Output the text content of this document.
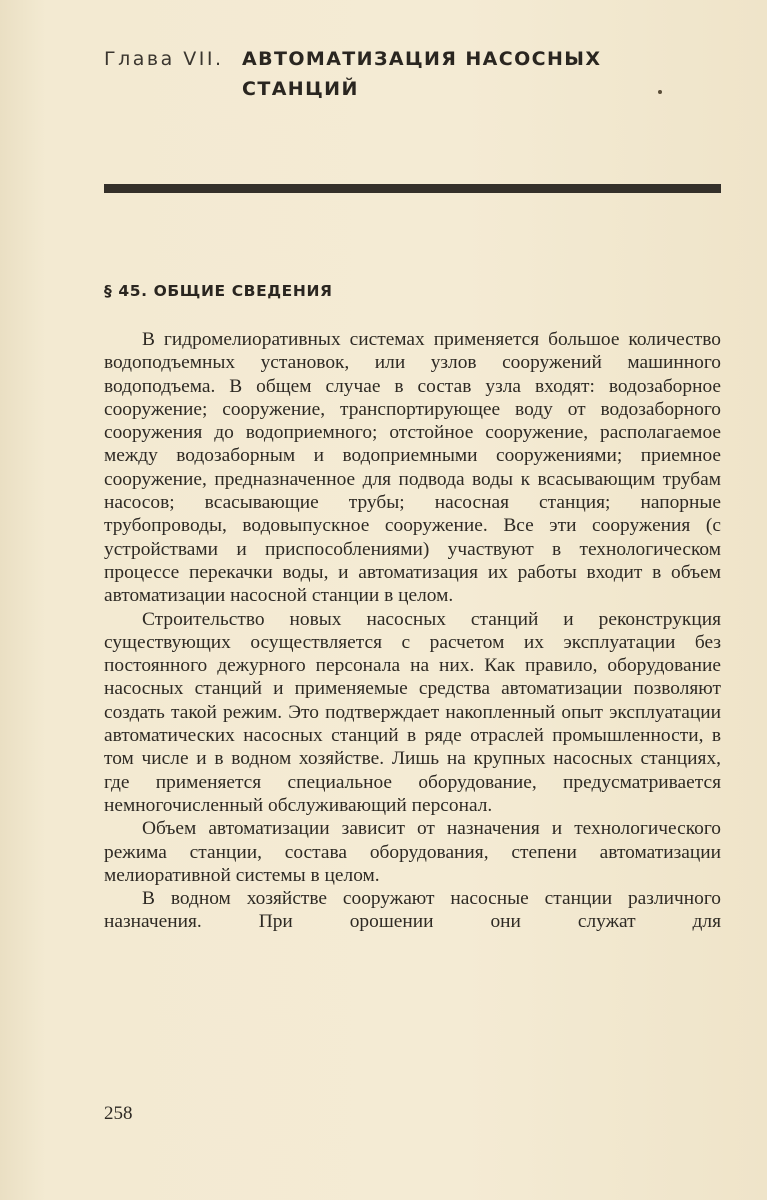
Глава VII. АВТОМАТИЗАЦИЯ НАСОСНЫХ СТАНЦИЙ
§ 45. ОБЩИЕ СВЕДЕНИЯ

В гидромелиоративных системах применяется большое количество водоподъемных установок, или узлов сооружений машинного водоподъема. В общем случае в состав узла входят: водозаборное сооружение; сооружение, транспортирующее воду от водозаборного сооружения до водоприемного; отстойное сооружение, располагаемое между водозаборным и водоприемными сооружениями; приемное сооружение, предназначенное для подвода воды к всасывающим трубам насосов; всасывающие трубы; насосная станция; напорные трубопроводы, водовыпускное сооружение. Все эти сооружения (с устройствами и приспособлениями) участвуют в технологическом процессе перекачки воды, и автоматизация их работы входит в объем автоматизации насосной станции в целом.

Строительство новых насосных станций и реконструкция существующих осуществляется с расчетом их эксплуатации без постоянного дежурного персонала на них. Как правило, оборудование насосных станций и применяемые средства автоматизации позволяют создать такой режим. Это подтверждает накопленный опыт эксплуатации автоматических насосных станций в ряде отраслей промышленности, в том числе и в водном хозяйстве. Лишь на крупных насосных станциях, где применяется специальное оборудование, предусматривается немногочисленный обслуживающий персонал.

Объем автоматизации зависит от назначения и технологического режима станции, состава оборудования, степени автоматизации мелиоративной системы в целом.

В водном хозяйстве сооружают насосные станции различного назначения. При орошении они служат для

258
